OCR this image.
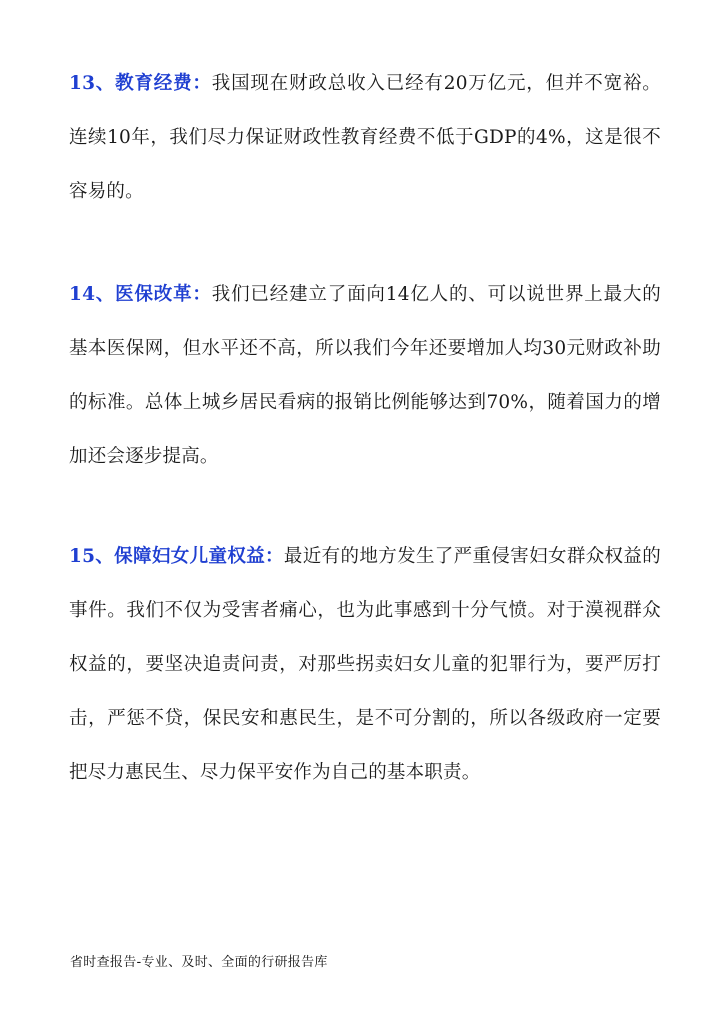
13、教育经费：我国现在财政总收入已经有20万亿元，但并不宽裕。连续10年，我们尽力保证财政性教育经费不低于GDP的4%，这是很不容易的。
14、医保改革：我们已经建立了面向14亿人的、可以说世界上最大的基本医保网，但水平还不高，所以我们今年还要增加人均30元财政补助的标准。总体上城乡居民看病的报销比例能够达到70%，随着国力的增加还会逐步提高。
15、保障妇女儿童权益：最近有的地方发生了严重侵害妇女群众权益的事件。我们不仅为受害者痛心，也为此事感到十分气愤。对于漠视群众权益的，要坚决追责问责，对那些拐卖妇女儿童的犯罪行为，要严厉打击，严惩不贷，保民安和惠民生，是不可分割的，所以各级政府一定要把尽力惠民生、尽力保平安作为自己的基本职责。
省时查报告-专业、及时、全面的行研报告库
